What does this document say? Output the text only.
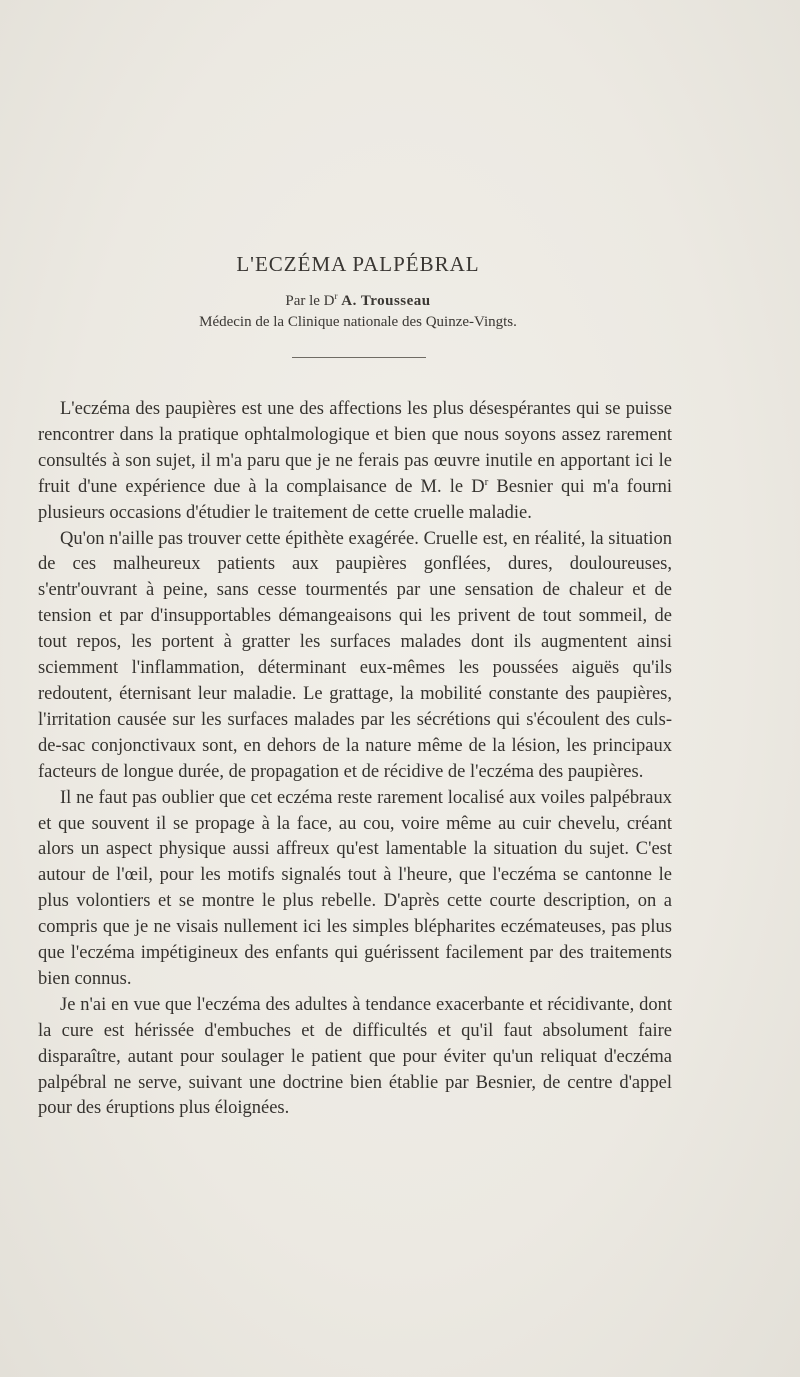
L'ECZÉMA PALPÉBRAL
Par le $D^r$ A. Trousseau
Médecin de la Clinique nationale des Quinze-Vingts.

L'eczéma des paupières est une des affections les plus désespérantes qui se puisse rencontrer dans la pratique ophtalmologique et bien que nous soyons assez rarement consultés à son sujet, il m'a paru que je ne ferais pas œuvre inutile en apportant ici le fruit d'une expérience due à la complaisance de M. le $D^r$ Besnier qui m'a fourni plusieurs occasions d'étudier le traitement de cette cruelle maladie.

Qu'on n'aille pas trouver cette épithète exagérée. Cruelle est, en réalité, la situation de ces malheureux patients aux paupières gonflées, dures, douloureuses, s'entr'ouvrant à peine, sans cesse tourmentés par une sensation de chaleur et de tension et par d'insupportables démangeaisons qui les privent de tout sommeil, de tout repos, les portent à gratter les surfaces malades dont ils augmentent ainsi sciemment l'inflammation, déterminant eux-mêmes les poussées aiguës qu'ils redoutent, éternisant leur maladie. Le grattage, la mobilité constante des paupières, l'irritation causée sur les surfaces malades par les sécrétions qui s'écoulent des culs-de-sac conjonctivaux sont, en dehors de la nature même de la lésion, les principaux facteurs de longue durée, de propagation et de récidive de l'eczéma des paupières.

Il ne faut pas oublier que cet eczéma reste rarement localisé aux voiles palpébraux et que souvent il se propage à la face, au cou, voire même au cuir chevelu, créant alors un aspect physique aussi affreux qu'est lamentable la situation du sujet. C'est autour de l'œil, pour les motifs signalés tout à l'heure, que l'eczéma se cantonne le plus volontiers et se montre le plus rebelle. D'après cette courte description, on a compris que je ne visais nullement ici les simples blépharites eczémateuses, pas plus que l'eczéma impétigineux des enfants qui guérissent facilement par des traitements bien connus.

Je n'ai en vue que l'eczéma des adultes à tendance exacerbante et récidivante, dont la cure est hérissée d'embuches et de difficultés et qu'il faut absolument faire disparaître, autant pour soulager le patient que pour éviter qu'un reliquat d'eczéma palpébral ne serve, suivant une doctrine bien établie par Besnier, de centre d'appel pour des éruptions plus éloignées.
